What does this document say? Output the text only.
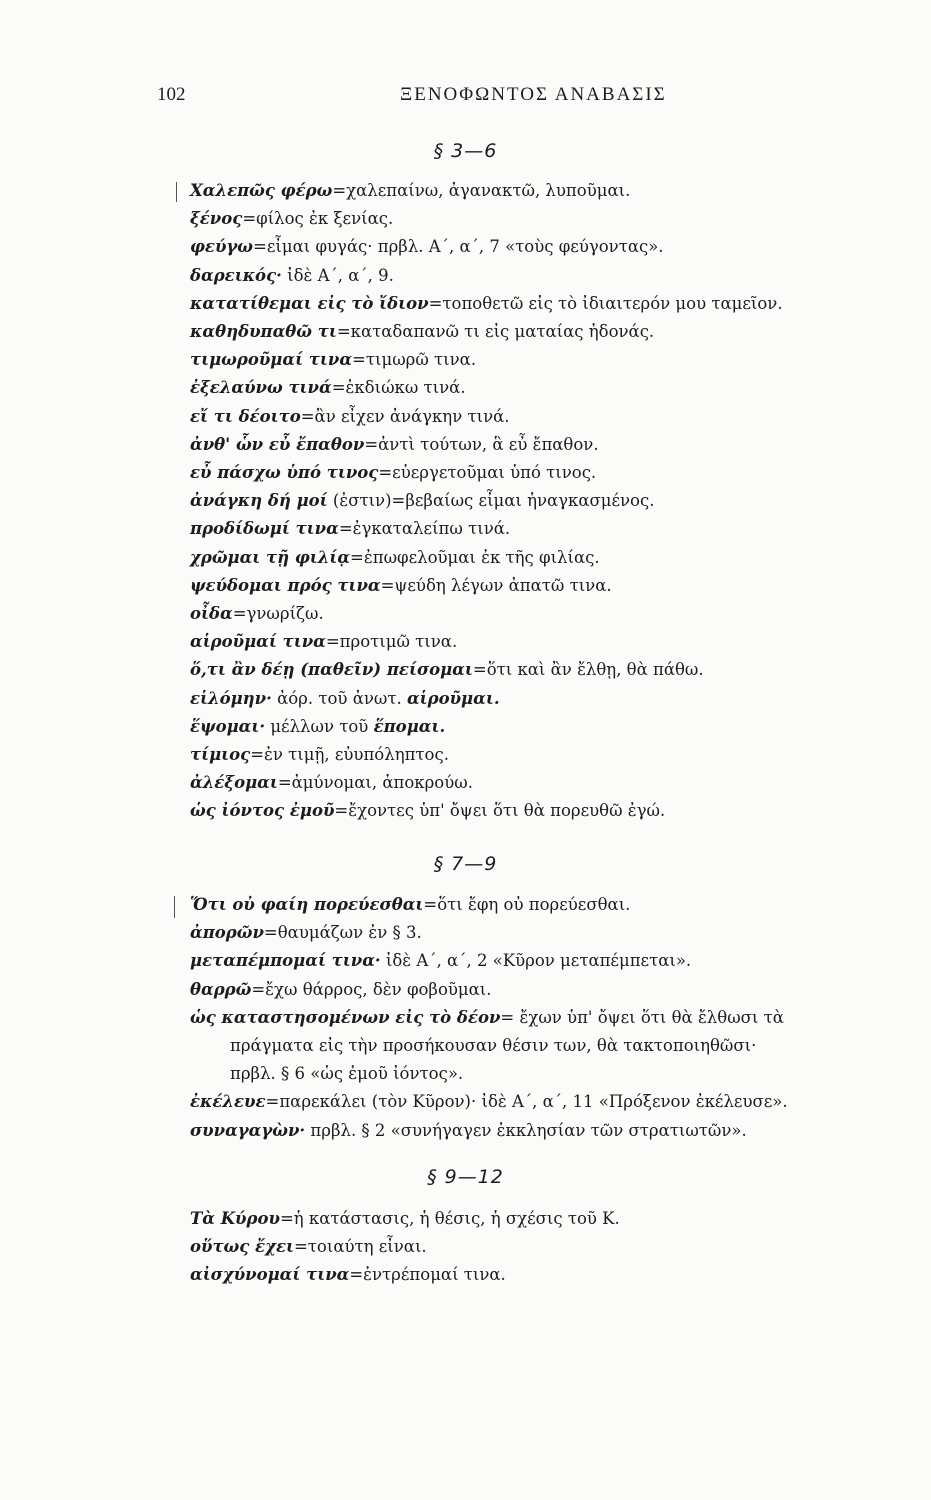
102	ΞΕΝΟΦΩΝΤΟΣ ΑΝΑΒΑΣΙΣ
§ 3—6
Χαλεπῶς φέρω=χαλεπαίνω, ἀγανακτῶ, λυποῦμαι.
ξένος=φίλος ἐκ ξενίας.
φεύγω=εἶμαι φυγάς· πρβλ. Α΄, α΄, 7 «τοὺς φεύγοντας».
δαρεικός· ἰδὲ Α΄, α΄, 9.
κατατίθεμαι εἰς τὸ ἴδιον=τοποθετῶ εἰς τὸ ἰδιαιτερόν μου ταμεῖον.
καθηδυπαθῶ τι=καταδαπανῶ τι εἰς ματαίας ἡδονάς.
τιμωροῦμαί τινα=τιμωρῶ τινα.
ἐξελαύνω τινά=ἐκδιώκω τινά.
εἴ τι δέοιτο=ἂν εἶχεν ἀνάγκην τινά.
ἀνθ' ὧν εὖ ἔπαθον=ἀντὶ τούτων, ἃ εὖ ἔπαθον.
εὖ πάσχω ὑπό τινος=εὐεργετοῦμαι ὑπό τινος.
ἀνάγκη δή μοί (ἐστιν)=βεβαίως εἶμαι ἠναγκασμένος.
προδίδωμί τινα=ἐγκαταλείπω τινά.
χρῶμαι τῇ φιλίᾳ=ἐπωφελοῦμαι ἐκ τῆς φιλίας.
ψεύδομαι πρός τινα=ψεύδη λέγων ἀπατῶ τινα.
οἶδα=γνωρίζω.
αἱροῦμαί τινα=προτιμῶ τινα.
ὅ,τι ἂν δέῃ (παθεῖν) πείσομαι=ὅτι καὶ ἂν ἔλθῃ, θὰ πάθω.
εἱλόμην· ἀόρ. τοῦ ἀνωτ. αἱροῦμαι.
ἕψομαι· μέλλων τοῦ ἕπομαι.
τίμιος=ἐν τιμῇ, εὐυπόληπτος.
ἀλέξομαι=ἀμύνομαι, ἀποκρούω.
ὡς ἰόντος ἐμοῦ=ἔχοντες ὑπ' ὄψει ὅτι θὰ πορευθῶ ἐγώ.
§ 7—9
Ὅτι οὐ φαίη πορεύεσθαι=ὅτι ἔφη οὐ πορεύεσθαι.
ἀπορῶν=θαυμάζων ἐν § 3.
μεταπέμπομαί τινα· ἰδὲ Α΄, α΄, 2 «Κῦρον μεταπέμπεται».
θαρρῶ=ἔχω θάρρος, δὲν φοβοῦμαι.
ὡς καταστησομένων εἰς τὸ δέον= ἔχων ὑπ' ὄψει ὅτι θὰ ἔλθωσι τὰ
πράγματα εἰς τὴν προσήκουσαν θέσιν των, θὰ τακτοποιηθῶσι·
πρβλ. § 6 «ὡς ἐμοῦ ἰόντος».
ἐκέλευε=παρεκάλει (τὸν Κῦρον)· ἰδὲ Α΄, α΄, 11 «Πρόξενον ἐκέλευσε».
συναγαγὼν· πρβλ. § 2 «συνήγαγεν ἐκκλησίαν τῶν στρατιωτῶν».
§ 9—12
Τὰ Κύρου=ἡ κατάστασις, ἡ θέσις, ἡ σχέσις τοῦ Κ.
οὕτως ἔχει=τοιαύτη εἶναι.
αἰσχύνομαί τινα=ἐντρέπομαί τινα.
